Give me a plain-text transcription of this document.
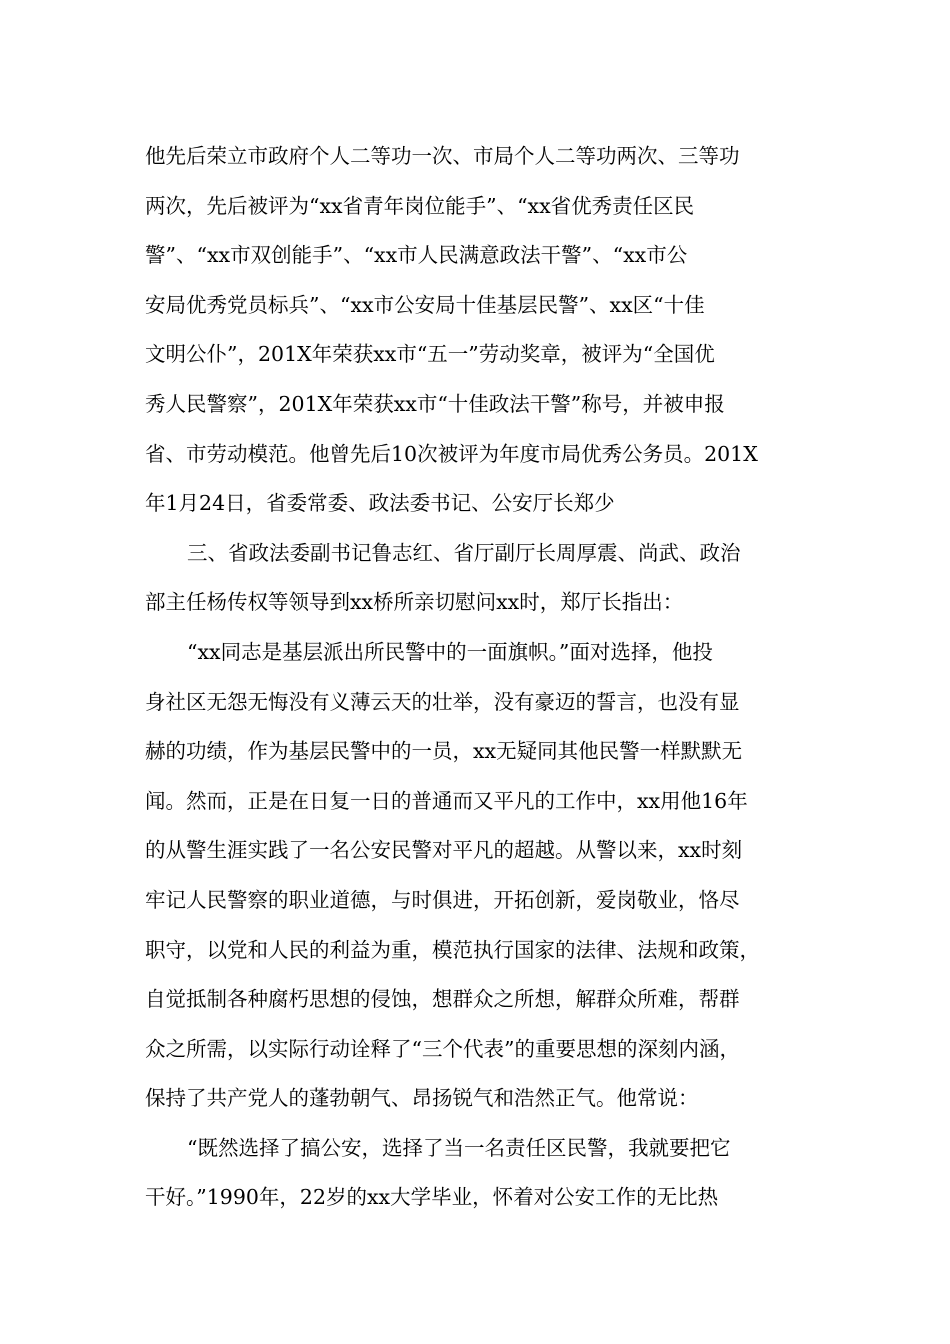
他先后荣立市政府个人二等功一次、市局个人二等功两次、三等功
两次，先后被评为“xx省青年岗位能手”、“xx省优秀责任区民
警”、“xx市双创能手”、“xx市人民满意政法干警”、“xx市公
安局优秀党员标兵”、“xx市公安局十佳基层民警”、xx区“十佳
文明公仆”，201X年荣获xx市“五一”劳动奖章，被评为“全国优
秀人民警察”，201X年荣获xx市“十佳政法干警”称号，并被申报
省、市劳动模范。他曾先后10次被评为年度市局优秀公务员。201X
年1月24日，省委常委、政法委书记、公安厅长郑少
三、省政法委副书记鲁志红、省厅副厅长周厚震、尚武、政治
部主任杨传权等领导到xx桥所亲切慰问xx时，郑厅长指出：
“xx同志是基层派出所民警中的一面旗帜。”面对选择，他投
身社区无怨无悔没有义薄云天的壮举，没有豪迈的誓言，也没有显
赫的功绩，作为基层民警中的一员，xx无疑同其他民警一样默默无
闻。然而，正是在日复一日的普通而又平凡的工作中，xx用他16年
的从警生涯实践了一名公安民警对平凡的超越。从警以来，xx时刻
牢记人民警察的职业道德，与时俱进，开拓创新，爱岗敬业，恪尽
职守，以党和人民的利益为重，模范执行国家的法律、法规和政策，
自觉抵制各种腐朽思想的侵蚀，想群众之所想，解群众所难，帮群
众之所需，以实际行动诠释了“三个代表”的重要思想的深刻内涵，
保持了共产党人的蓬勃朝气、昂扬锐气和浩然正气。他常说：
“既然选择了搞公安，选择了当一名责任区民警，我就要把它
干好。”1990年，22岁的xx大学毕业，怀着对公安工作的无比热
